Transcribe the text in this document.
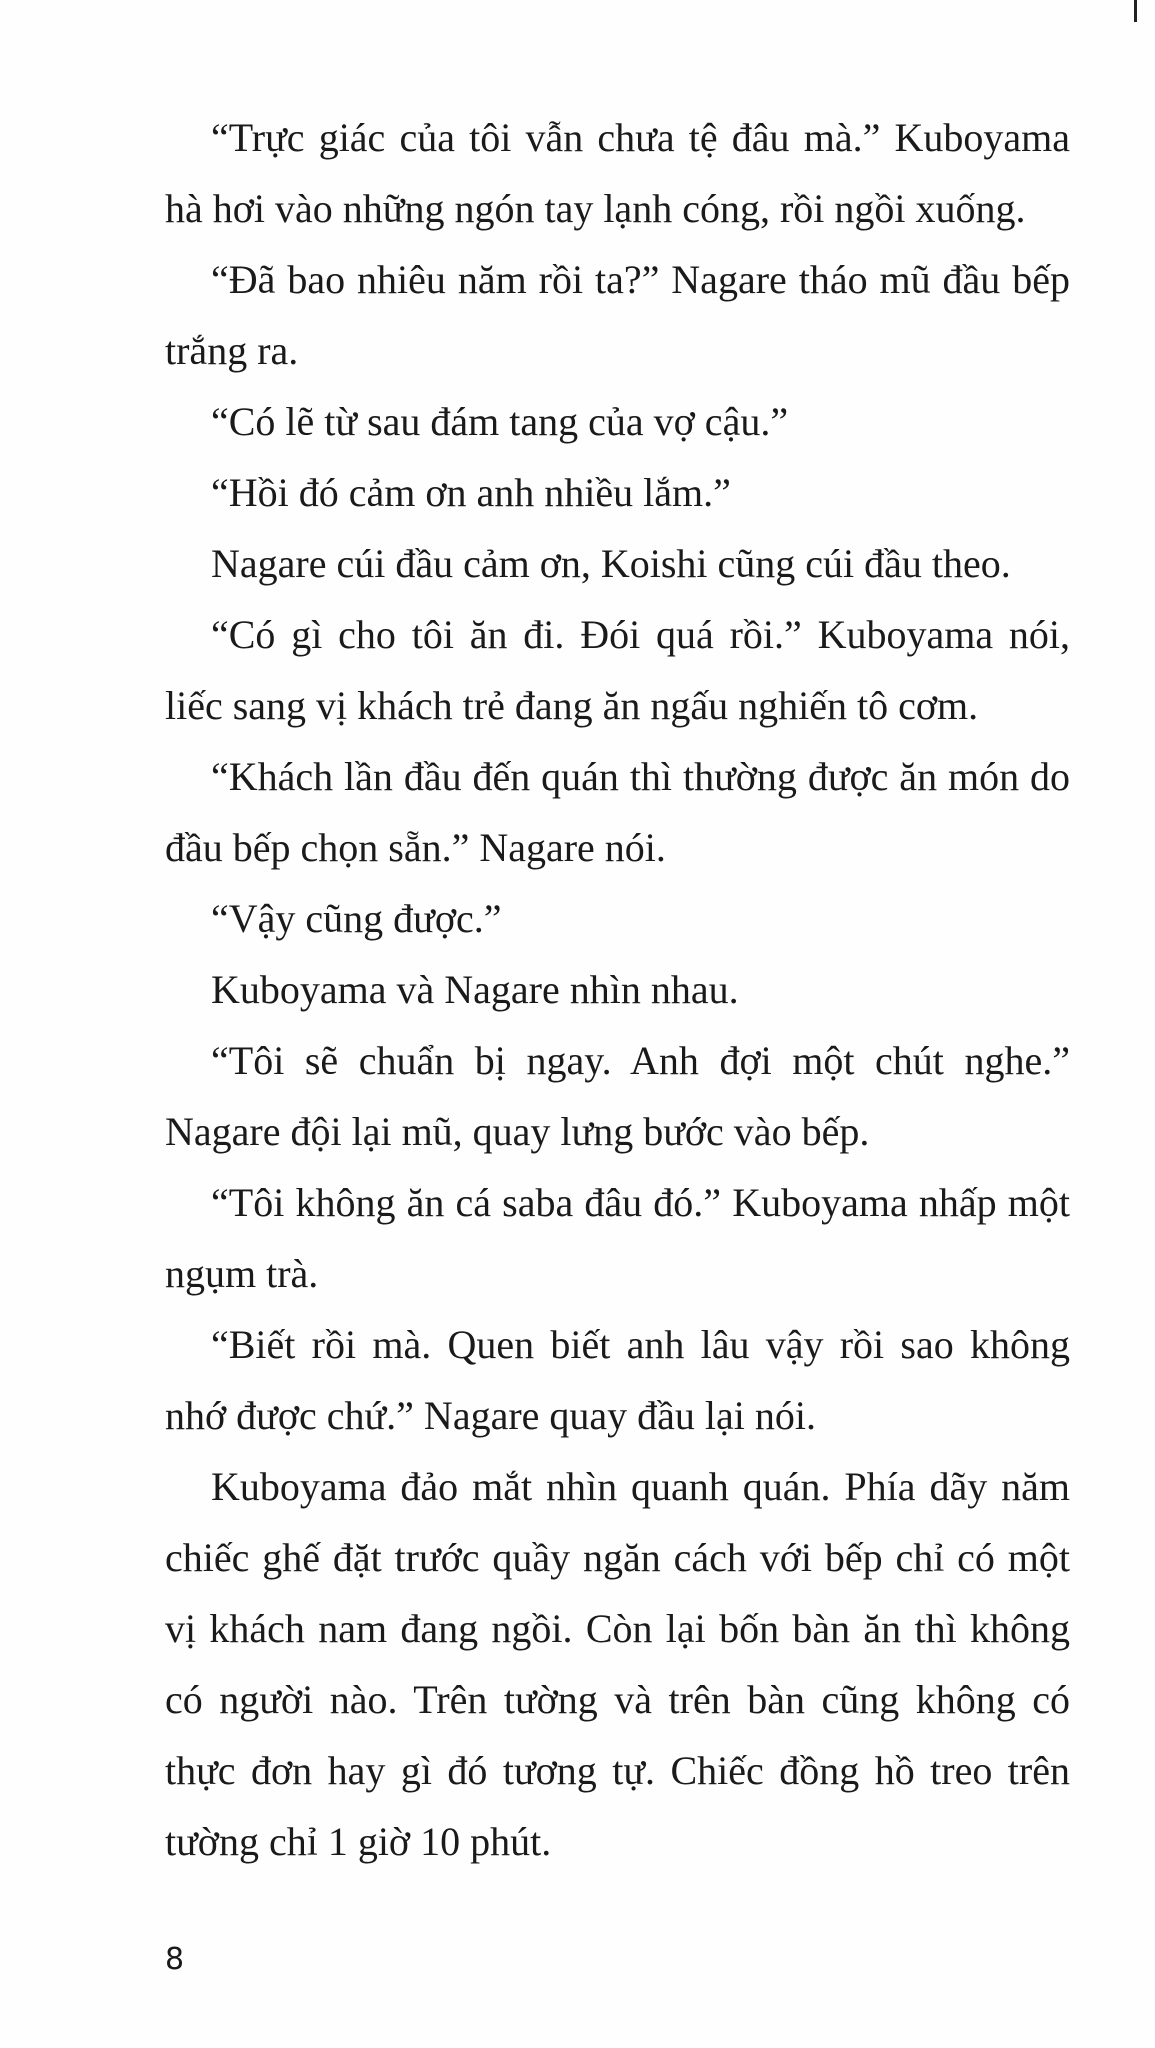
“Trực giác của tôi vẫn chưa tệ đâu mà.” Kuboyama hà hơi vào những ngón tay lạnh cóng, rồi ngồi xuống.

“Đã bao nhiêu năm rồi ta?” Nagare tháo mũ đầu bếp trắng ra.

“Có lẽ từ sau đám tang của vợ cậu.”

“Hồi đó cảm ơn anh nhiều lắm.”

Nagare cúi đầu cảm ơn, Koishi cũng cúi đầu theo.

“Có gì cho tôi ăn đi. Đói quá rồi.” Kuboyama nói, liếc sang vị khách trẻ đang ăn ngấu nghiến tô cơm.

“Khách lần đầu đến quán thì thường được ăn món do đầu bếp chọn sẵn.” Nagare nói.

“Vậy cũng được.”

Kuboyama và Nagare nhìn nhau.

“Tôi sẽ chuẩn bị ngay. Anh đợi một chút nghe.” Nagare đội lại mũ, quay lưng bước vào bếp.

“Tôi không ăn cá saba đâu đó.” Kuboyama nhấp một ngụm trà.

“Biết rồi mà. Quen biết anh lâu vậy rồi sao không nhớ được chứ.” Nagare quay đầu lại nói.

Kuboyama đảo mắt nhìn quanh quán. Phía dãy năm chiếc ghế đặt trước quầy ngăn cách với bếp chỉ có một vị khách nam đang ngồi. Còn lại bốn bàn ăn thì không có người nào. Trên tường và trên bàn cũng không có thực đơn hay gì đó tương tự. Chiếc đồng hồ treo trên tường chỉ 1 giờ 10 phút.

8
